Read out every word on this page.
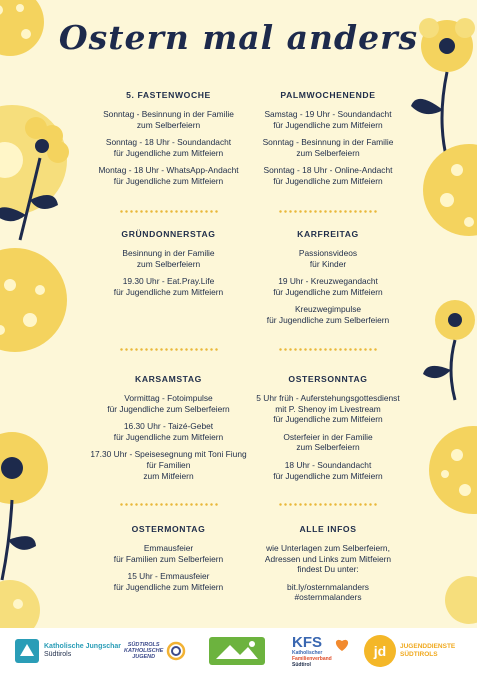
Ostern mal anders
5. FASTENWOCHE
Sonntag - Besinnung in der Familie
zum Selberfeiern
Sonntag - 18 Uhr - Soundandacht
für Jugendliche zum Mitfeiern
Montag - 18 Uhr - WhatsApp-Andacht
für Jugendliche zum Mitfeiern
GRÜNDONNERSTAG
Besinnung in der Familie
zum Selberfeiern
19.30 Uhr - Eat.Pray.Life
für Jugendliche zum Mitfeiern
KARSAMSTAG
Vormittag - Fotoimpulse
für Jugendliche zum Selberfeiern
16.30 Uhr - Taizé-Gebet
für Jugendliche zum Mitfeiern
17.30 Uhr - Speisesegnung mit Toni Fiung
für Familien
zum Mitfeiern
OSTERMONTAG
Emmausfeier
für Familien zum Selberfeiern
15 Uhr - Emmausfeier
für Jugendliche zum Mitfeiern
PALMWOCHENENDE
Samstag - 19 Uhr - Soundandacht
für Jugendliche zum Mitfeiern
Sonntag - Besinnung in der Familie
zum Selberfeiern
Sonntag - 18 Uhr - Online-Andacht
für Jugendliche zum Mitfeiern
KARFREITAG
Passionsvideos
für Kinder
19 Uhr - Kreuzwegandacht
für Jugendliche zum Mitfeiern
Kreuzwegimpulse
für Jugendliche zum Selberfeiern
OSTERSONNTAG
5 Uhr früh - Auferstehungsgottesdienst
mit P. Shenoy im Livestream
für Jugendliche zum Mitfeiern
Osterfeier in der Familie
zum Selberfeiern
18 Uhr - Soundandacht
für Jugendliche zum Mitfeiern
ALLE INFOS
wie Unterlagen zum Selberfeiern,
Adressen und Links zum Mitfeiern
findest Du unter:
bit.ly/osternmalanders
#osternmalanders
Katholische Jungschar
Südtirols
SÜDTIROLS
KATHOLISCHE
JUGEND
KFS
Katholischer
Familienverband
Südtirol
jd JUGENDDIENSTE
SÜDTIROLS
